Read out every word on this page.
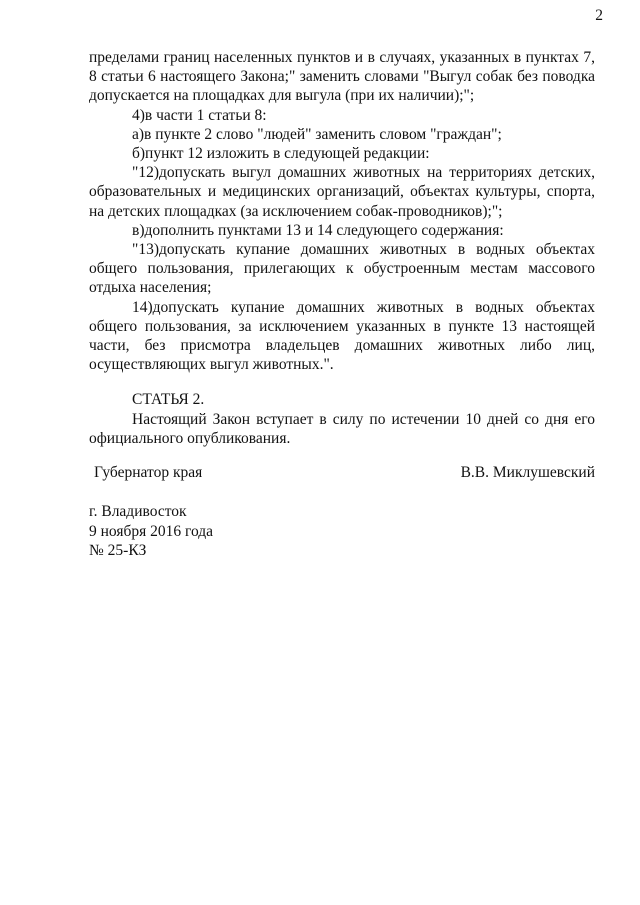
2

пределами границ населенных пунктов и в случаях, указанных в пунктах 7, 8 статьи 6 настоящего Закона;" заменить словами "Выгул собак без поводка допускается на площадках для выгула (при их наличии);";

4)в части 1 статьи 8:

а)в пункте 2 слово "людей" заменить словом "граждан";

б)пункт 12 изложить в следующей редакции:

"12)допускать выгул домашних животных на территориях детских, образовательных и медицинских организаций, объектах культуры, спорта, на детских площадках (за исключением собак-проводников);";

в)дополнить пунктами 13 и 14 следующего содержания:

"13)допускать купание домашних животных в водных объектах общего пользования, прилегающих к обустроенным местам массового отдыха населения;

14)допускать купание домашних животных в водных объектах общего пользования, за исключением указанных в пункте 13 настоящей части, без присмотра владельцев домашних животных либо лиц, осуществляющих выгул животных.".

СТАТЬЯ 2.

Настоящий Закон вступает в силу по истечении 10 дней со дня его официального опубликования.

Губернатор края	В.В. Миклушевский
г. Владивосток
9 ноября 2016 года
№ 25-КЗ
